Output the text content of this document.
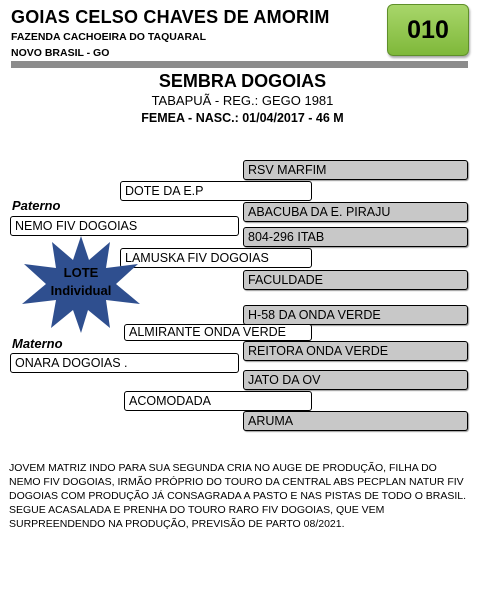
GOIAS CELSO CHAVES DE AMORIM
FAZENDA CACHOEIRA DO TAQUARAL
NOVO BRASIL - GO
010
SEMBRA DOGOIAS
TABAPUÃ - REG.: GEGO 1981
FEMEA - NASC.: 01/04/2017 - 46 M
RSV MARFIM
DOTE DA E.P
Paterno	ABACUBA DA E. PIRAJU
NEMO FIV DOGOIAS
804-296 ITAB
LAMUSKA FIV DOGOIAS
FACULDADE
LOTE
Individual
H-58 DA ONDA VERDE
ALMIRANTE ONDA VERDE
Materno	REITORA ONDA VERDE
ONARA DOGOIAS .
JATO DA OV
ACOMODADA
ARUMA
JOVEM MATRIZ INDO PARA SUA SEGUNDA CRIA NO AUGE DE PRODUÇÃO, FILHA DO NEMO FIV DOGOIAS, IRMÃO PRÓPRIO DO TOURO DA CENTRAL ABS PECPLAN NATUR FIV DOGOIAS COM PRODUÇÃO JÁ CONSAGRADA A PASTO E NAS PISTAS DE TODO O BRASIL. SEGUE ACASALADA E PRENHA DO TOURO RARO FIV DOGOIAS, QUE VEM SURPREENDENDO NA PRODUÇÃO, PREVISÃO DE PARTO 08/2021.
